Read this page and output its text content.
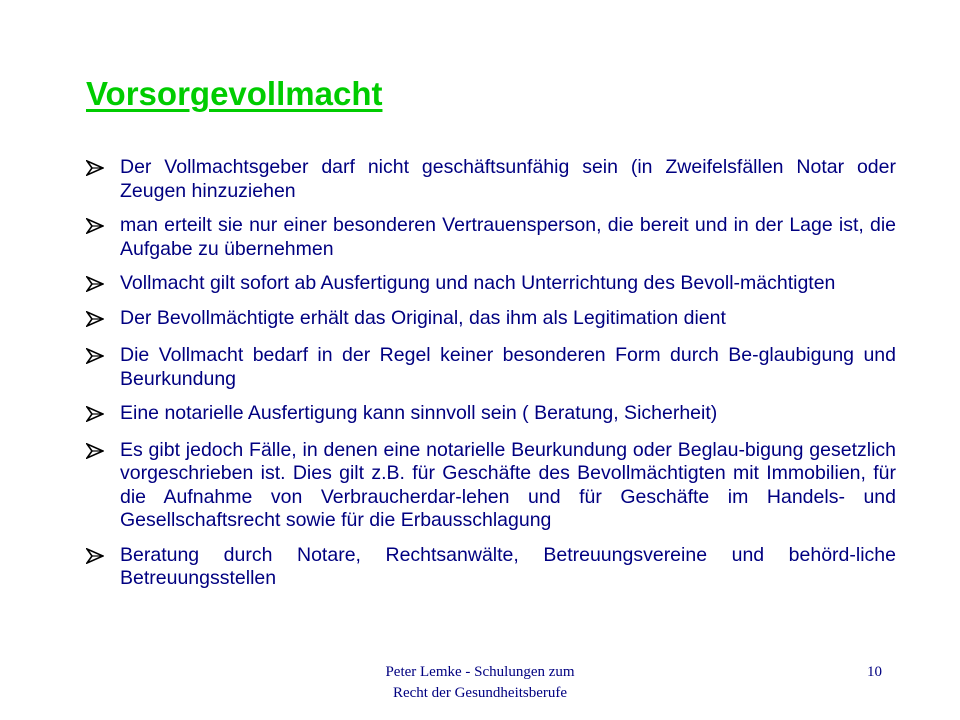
Vorsorgevollmacht
Der Vollmachtsgeber darf nicht geschäftsunfähig sein (in Zweifelsfällen Notar oder Zeugen hinzuziehen
man erteilt sie nur einer besonderen Vertrauensperson, die bereit und in der Lage ist, die Aufgabe zu übernehmen
Vollmacht gilt sofort ab Ausfertigung und nach Unterrichtung des Bevoll-mächtigten
Der Bevollmächtigte erhält das Original, das ihm als Legitimation dient
Die Vollmacht bedarf in der Regel keiner besonderen Form durch Be-glaubigung und Beurkundung
Eine notarielle Ausfertigung kann sinnvoll sein ( Beratung, Sicherheit)
Es gibt jedoch Fälle, in denen eine notarielle Beurkundung oder Beglau-bigung gesetzlich vorgeschrieben ist. Dies gilt z.B. für Geschäfte des Bevollmächtigten mit Immobilien, für die Aufnahme von Verbraucherdar-lehen und für Geschäfte im Handels- und Gesellschaftsrecht sowie für die Erbausschlagung
Beratung durch Notare, Rechtsanwälte, Betreuungsvereine und behörd-liche Betreuungsstellen
Peter Lemke - Schulungen zum
Recht der Gesundheitsberufe
10
